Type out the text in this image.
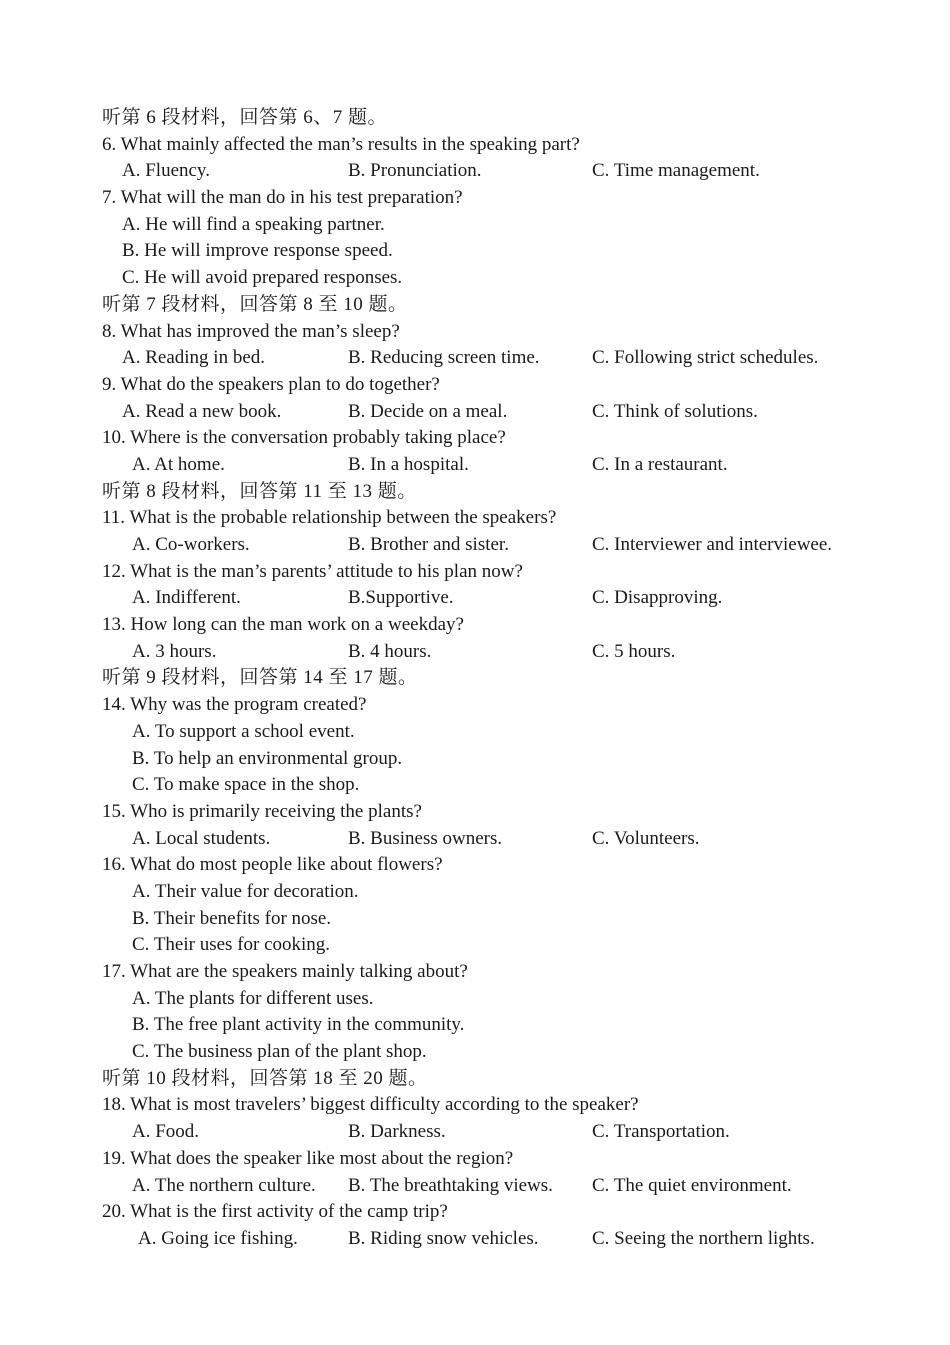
听第 6 段材料，回答第 6、7 题。
6. What mainly affected the man’s results in the speaking part?
A. Fluency.	B. Pronunciation.	C. Time management.
7. What will the man do in his test preparation?
A. He will find a speaking partner.
B. He will improve response speed.
C. He will avoid prepared responses.
听第 7 段材料，回答第 8 至 10 题。
8. What has improved the man’s sleep?
A. Reading in bed.	B. Reducing screen time.	C. Following strict schedules.
9. What do the speakers plan to do together?
A. Read a new book.	B. Decide on a meal.	C. Think of solutions.
10. Where is the conversation probably taking place?
A. At home.	B. In a hospital.	C. In a restaurant.
听第 8 段材料，回答第 11 至 13 题。
11. What is the probable relationship between the speakers?
A. Co-workers.	B. Brother and sister.	C. Interviewer and interviewee.
12. What is the man’s parents’ attitude to his plan now?
A. Indifferent.	B.Supportive.	C. Disapproving.
13. How long can the man work on a weekday?
A. 3 hours.	B. 4 hours.	C. 5 hours.
听第 9 段材料，回答第 14 至 17 题。
14. Why was the program created?
A. To support a school event.
B. To help an environmental group.
C. To make space in the shop.
15. Who is primarily receiving the plants?
A. Local students.	B. Business owners.	C. Volunteers.
16. What do most people like about flowers?
A. Their value for decoration.
B. Their benefits for nose.
C. Their uses for cooking.
17. What are the speakers mainly talking about?
A. The plants for different uses.
B. The free plant activity in the community.
C. The business plan of the plant shop.
听第 10 段材料，回答第 18 至 20 题。
18. What is most travelers’ biggest difficulty according to the speaker?
A. Food.	B. Darkness.	C. Transportation.
19. What does the speaker like most about the region?
A. The northern culture. B. The breathtaking views. C. The quiet environment.
20. What is the first activity of the camp trip?
A. Going ice fishing.	B. Riding snow vehicles.	C. Seeing the northern lights.
